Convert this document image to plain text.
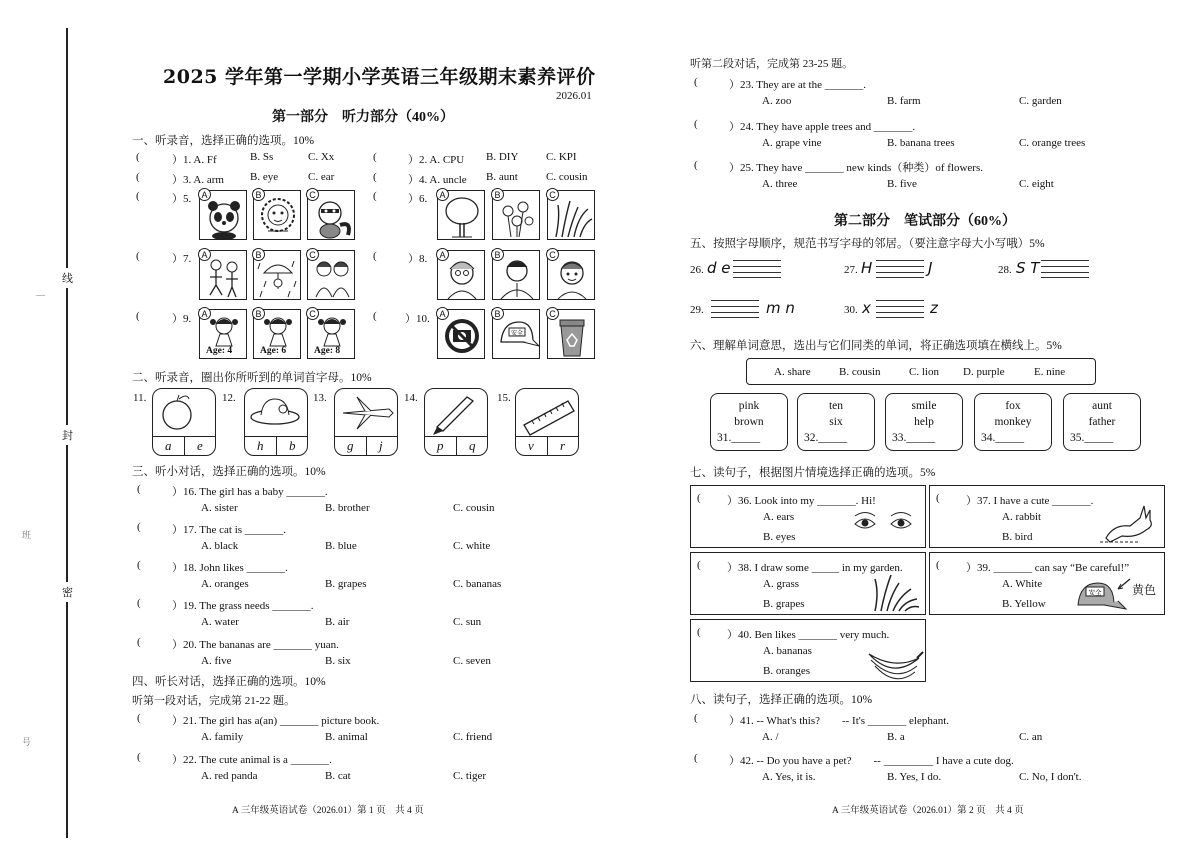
线
封
密
—
班
号
2025 学年第一学期小学英语三年级期末素养评价
2026.01
第一部分　听力部分（40%）
一、听录音，选择正确的选项。10%
(	）1. A. Ff	B. Ss	C. Xx	(	）2. A. CPU B. DIY	C. KPI
(	）3. A. arm B. eye	C. ear	(	）4. A. uncle B. aunt	C. cousin
(	）5.	A	B	C	(	）6.	A	B	C
(	）7.	A	B	C	(	）8.	A	B	C
(	）9.	A
Age: 4
B
Age: 6
C
Age: 8
(	）10.	A	B
安全
C
二、听录音，圈出你所听到的单词首字母。10%
11.
a e
12.
h b
13.
g j
14.
p q
15.
v r
三、听小对话，选择正确的选项。10%
(	）16. The girl has a baby _______.
A. sister	B. brother	C. cousin
(	）17. The cat is _______.
A. black	B. blue	C. white
(	）18. John likes _______.
A. oranges	B. grapes	C. bananas
(	）19. The grass needs _______.
A. water	B. air	C. sun
(	）20. The bananas are _______ yuan.
A. five	B. six	C. seven
(	）21. The girl has a(an) _______ picture book.
A. family	B. animal	C. friend
(	）22. The cute animal is a _______.
A. red panda	B. cat	C. tiger
四、听长对话，选择正确的选项。10%
听第一段对话，完成第 21-22 题。
A 三年级英语试卷（2026.01）第 1 页　共 4 页
听第二段对话，完成第 23-25 题。
(	）23. They are at the _______.
A. zoo	B. farm	C. garden
(	）24. They have apple trees and _______.
A. grape vine	B. banana trees	C. orange trees
(	）25. They have _______ new kinds（种类）of flowers.
A. three	B. five	C. eight
第二部分　笔试部分（60%）
五、按照字母顺序，规范书写字母的邻居。（要注意字母大小写哦）5%
26. d e	27. H	J	28. S T
29.	m n	30. x	z
六、理解单词意思，选出与它们同类的单词，将正确选项填在横线上。5%
A. share	B. cousin	C. lion D. purple	E. nine
pink
brown
31._____
ten
six
32._____
smile
help
33._____
fox
monkey
34._____
aunt
father
35._____
七、读句子，根据图片情境选择正确的选项。5%
( ）36. Look into my _______. Hi!
A. ears
B. eyes
( ）37. I have a cute _______.
A. rabbit
B. bird
( ）38. I draw some _____ in my garden.
A. grass
B. grapes
( ）39. _______ can say “Be careful!”
A. White
B. Yellow
安全	黄色
( ）40. Ben likes _______ very much.
A. bananas
B. oranges
八、读句子，选择正确的选项。10%
(	）41. -- What's this?　　-- It's _______ elephant.
A. /	B. a	C. an
(	）42. -- Do you have a pet?　　-- _________ I have a cute dog.
A. Yes, it is.	B. Yes, I do.	C. No, I don't.
A 三年级英语试卷（2026.01）第 2 页　共 4 页
